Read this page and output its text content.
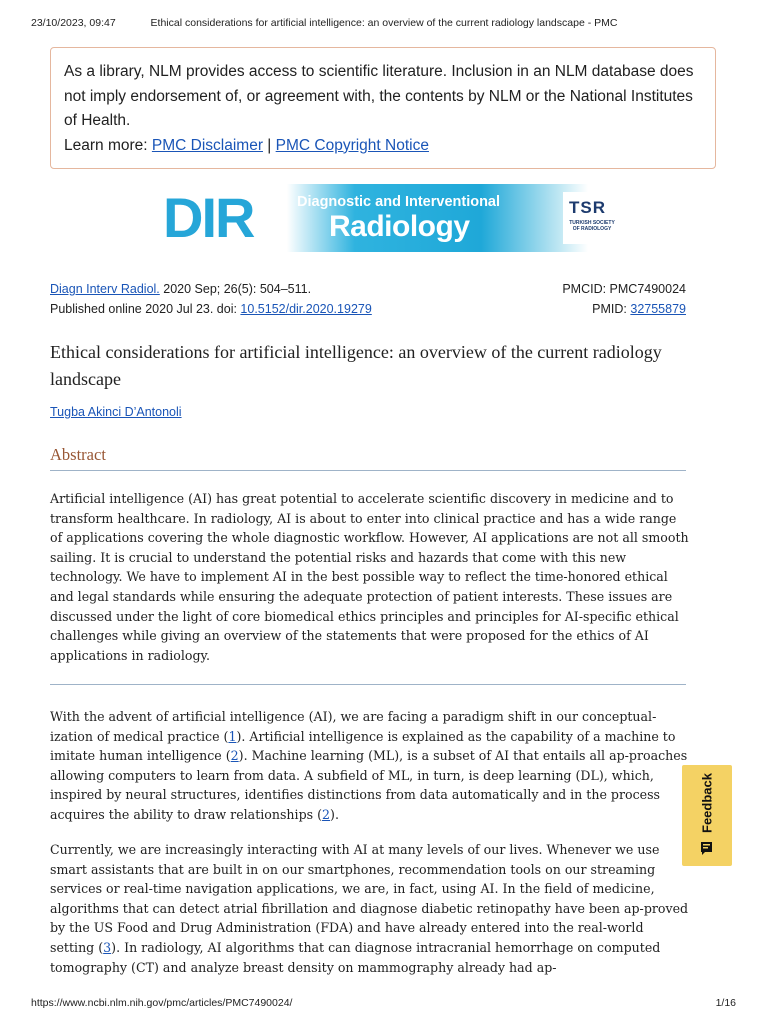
23/10/2023, 09:47	Ethical considerations for artificial intelligence: an overview of the current radiology landscape - PMC
As a library, NLM provides access to scientific literature. Inclusion in an NLM database does not imply endorsement of, or agreement with, the contents by NLM or the National Institutes of Health.
Learn more: PMC Disclaimer | PMC Copyright Notice
DIR	Diagnostic and Interventional
Radiology
TSR
TURKISH SOCIETY OF RADIOLOGY
Diagn Interv Radiol. 2020 Sep; 26(5): 504–511.
Published online 2020 Jul 23. doi: 10.5152/dir.2020.19279
PMCID: PMC7490024
PMID: 32755879
Ethical considerations for artificial intelligence: an overview of the current radiology landscape
Tugba Akinci D’Antonoli
Abstract
Artificial intelligence (AI) has great potential to accelerate scientific discovery in medicine and to transform healthcare. In radiology, AI is about to enter into clinical practice and has a wide range of applications covering the whole diagnostic workflow. However, AI applications are not all smooth sailing. It is crucial to understand the potential risks and hazards that come with this new technology. We have to implement AI in the best possible way to reflect the time-honored ethical and legal standards while ensuring the adequate protection of patient interests. These issues are discussed under the light of core biomedical ethics principles and principles for AI-specific ethical challenges while giving an overview of the statements that were proposed for the ethics of AI applications in radiology.
With the advent of artificial intelligence (AI), we are facing a paradigm shift in our conceptual-ization of medical practice (1). Artificial intelligence is explained as the capability of a machine to imitate human intelligence (2). Machine learning (ML), is a subset of AI that entails all ap-proaches allowing computers to learn from data. A subfield of ML, in turn, is deep learning (DL), which, inspired by neural structures, identifies distinctions from data automatically and in the process acquires the ability to draw relationships (2).
Currently, we are increasingly interacting with AI at many levels of our lives. Whenever we use smart assistants that are built in on our smartphones, recommendation tools on our streaming services or real-time navigation applications, we are, in fact, using AI. In the field of medicine, algorithms that can detect atrial fibrillation and diagnose diabetic retinopathy have been ap-proved by the US Food and Drug Administration (FDA) and have already entered into the real-world setting (3). In radiology, AI algorithms that can diagnose intracranial hemorrhage on computed tomography (CT) and analyze breast density on mammography already had ap-
Feedback
https://www.ncbi.nlm.nih.gov/pmc/articles/PMC7490024/	1/16
